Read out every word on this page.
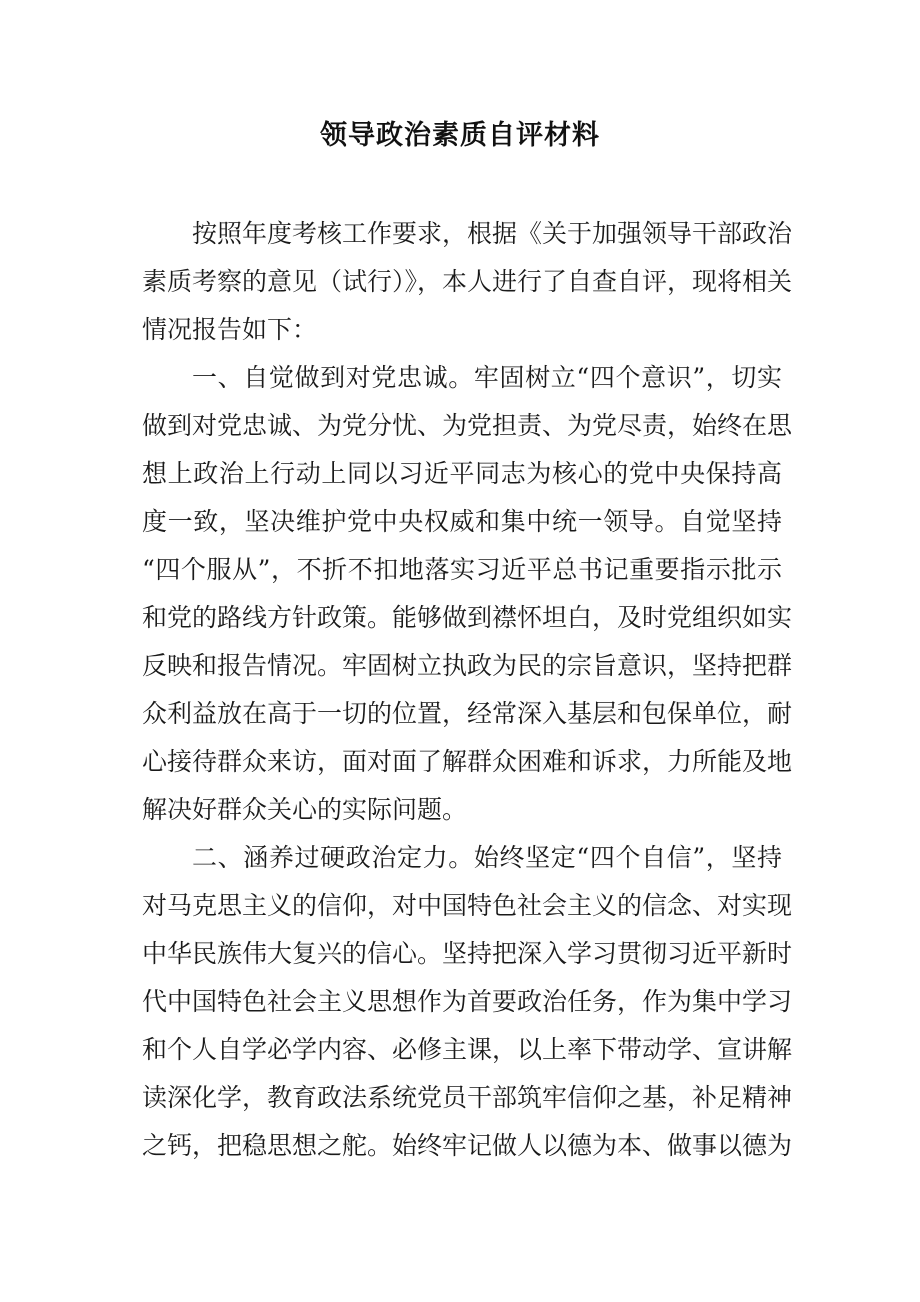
领导政治素质自评材料
按照年度考核工作要求，根据《关于加强领导干部政治
素质考察的意见（试行）》，本人进行了自查自评，现将相关
情况报告如下：
一、自觉做到对党忠诚。牢固树立“四个意识”，切实
做到对党忠诚、为党分忧、为党担责、为党尽责，始终在思
想上政治上行动上同以习近平同志为核心的党中央保持高
度一致，坚决维护党中央权威和集中统一领导。自觉坚持
“四个服从”，不折不扣地落实习近平总书记重要指示批示
和党的路线方针政策。能够做到襟怀坦白，及时党组织如实
反映和报告情况。牢固树立执政为民的宗旨意识，坚持把群
众利益放在高于一切的位置，经常深入基层和包保单位，耐
心接待群众来访，面对面了解群众困难和诉求，力所能及地
解决好群众关心的实际问题。
二、涵养过硬政治定力。始终坚定“四个自信”，坚持
对马克思主义的信仰，对中国特色社会主义的信念、对实现
中华民族伟大复兴的信心。坚持把深入学习贯彻习近平新时
代中国特色社会主义思想作为首要政治任务，作为集中学习
和个人自学必学内容、必修主课，以上率下带动学、宣讲解
读深化学，教育政法系统党员干部筑牢信仰之基，补足精神
之钙，把稳思想之舵。始终牢记做人以德为本、做事以德为
